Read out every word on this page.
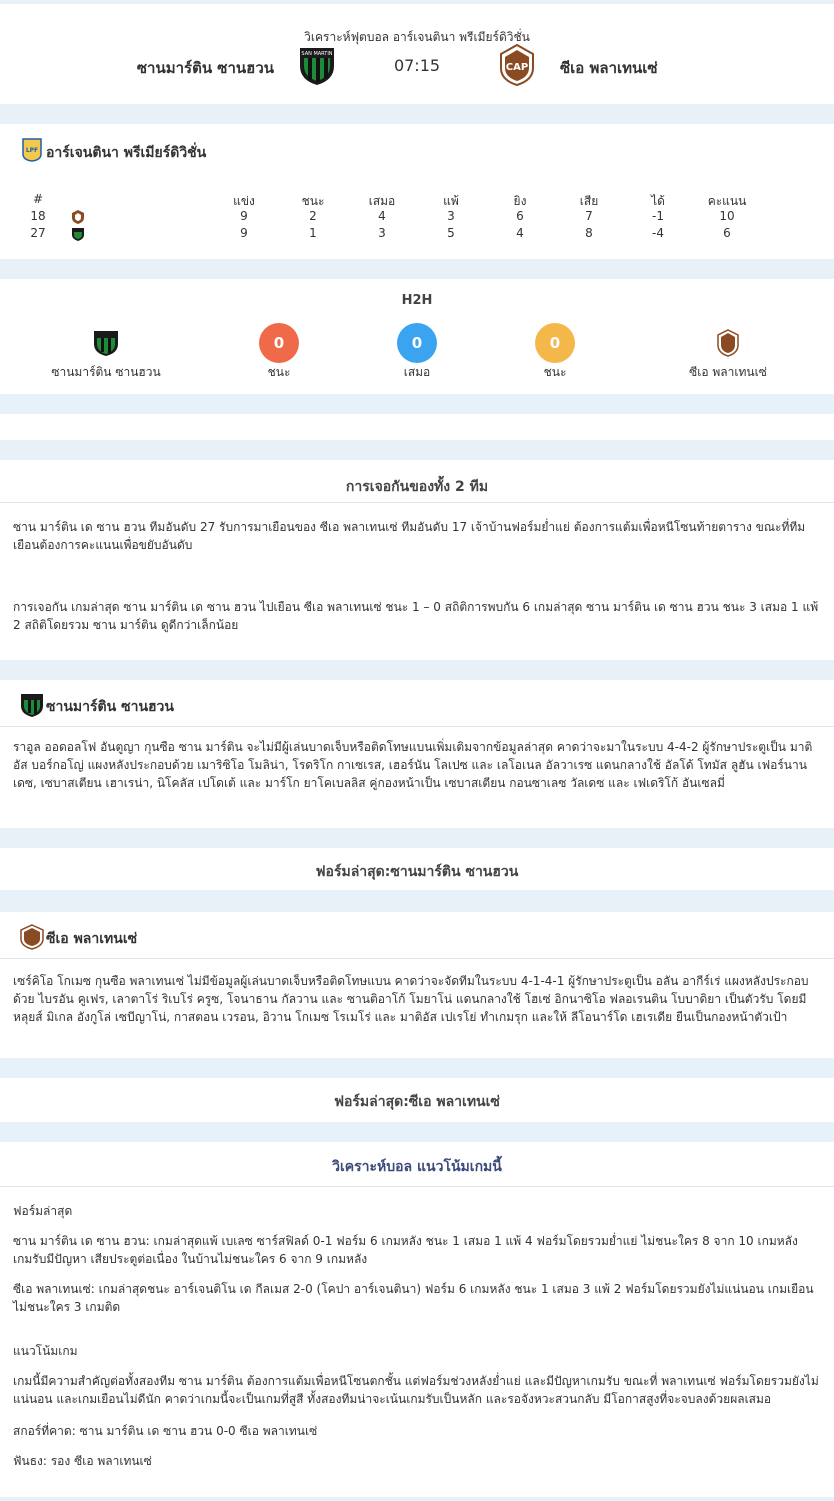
วิเคราะห์ฟุตบอล อาร์เจนตินา พรีเมียร์ดิวิชั่น
ซานมาร์ติน ซานฮวน
SAN MARTIN
07:15	CAP ซีเอ พลาเทนเซ่
LPF อาร์เจนตินา พรีเมียร์ดิวิชั่น
#	แข่ง	ชนะ	เสมอ	แพ้	ยิง	เสีย	ได้	คะแนน
18	9	2	4	3	6	7	-1	10
27	9	1	3	5	4	8	-4	6
H2H
ซานมาร์ติน ซานฮวน
0
ชนะ
0
เสมอ
0
ชนะ	ซีเอ พลาเทนเซ่
การเจอกันของทั้ง 2 ทีม
ซาน มาร์ติน เด ซาน ฮวน ทีมอันดับ 27 รับการมาเยือนของ ซีเอ พลาเทนเซ่ ทีมอันดับ 17 เจ้าบ้านฟอร์มย่ำแย่ ต้องการแต้มเพื่อหนีโซนท้ายตาราง ขณะที่ทีมเยือนต้องการคะแนนเพื่อขยับอันดับ
การเจอกัน เกมล่าสุด ซาน มาร์ติน เด ซาน ฮวน ไปเยือน ซีเอ พลาเทนเซ่ ชนะ 1 – 0 สถิติการพบกัน 6 เกมล่าสุด ซาน มาร์ติน เด ซาน ฮวน ชนะ 3 เสมอ 1 แพ้ 2 สถิติโดยรวม ซาน มาร์ติน ดูดีกว่าเล็กน้อย
ซานมาร์ติน ซานฮวน
ราอูล ออดอลโฟ อันตูญา กุนซือ ซาน มาร์ติน จะไม่มีผู้เล่นบาดเจ็บหรือติดโทษแบนเพิ่มเติมจากข้อมูลล่าสุด คาดว่าจะมาในระบบ 4-4-2 ผู้รักษาประตูเป็น มาติอัส บอร์กอโญ่ แผงหลังประกอบด้วย เมาริซิโอ โมลิน่า, โรดริโก กาเซเรส, เฮอร์นัน โลเปซ และ เลโอเนล อัลวาเรซ แดนกลางใช้ อัลโด้ โทมัส ลูฮัน เฟอร์นานเดซ, เซบาสเตียน เฮาเรน่า, นิโคลัส เปโดเต้ และ มาร์โก ยาโคเบลลิส คู่กองหน้าเป็น เซบาสเตียน กอนซาเลซ วัลเดซ และ เฟเดริโก้ อันเซลมี่
ฟอร์มล่าสุด:ซานมาร์ติน ซานฮวน
ซีเอ พลาเทนเซ่
เซร์คิโอ โกเมซ กุนซือ พลาเทนเซ่ ไม่มีข้อมูลผู้เล่นบาดเจ็บหรือติดโทษแบน คาดว่าจะจัดทีมในระบบ 4-1-4-1 ผู้รักษาประตูเป็น อลัน อากีร์เร่ แผงหลังประกอบด้วย ไบรอัน คูเฟร, เลาตาโร่ ริเบโร่ ครูซ, โจนาธาน กัลวาน และ ซานติอาโก้ โมยาโน่ แดนกลางใช้ โฮเซ่ อิกนาซิโอ ฟลอเรนติน โบบาดิยา เป็นตัวรับ โดยมี หลุยส์ มิเกล อังกูโล่ เซบีญาโน่, กาสตอน เวรอน, อิวาน โกเมซ โรเมโร่ และ มาติอัส เปเรโย่ ทำเกมรุก และให้ ลีโอนาร์โด เฮเรเดีย ยืนเป็นกองหน้าตัวเป้า
ฟอร์มล่าสุด:ซีเอ พลาเทนเซ่
วิเคราะห์บอล แนวโน้มเกมนี้
ฟอร์มล่าสุด
ซาน มาร์ติน เด ซาน ฮวน: เกมล่าสุดแพ้ เบเลซ ซาร์สฟิลด์ 0-1 ฟอร์ม 6 เกมหลัง ชนะ 1 เสมอ 1 แพ้ 4 ฟอร์มโดยรวมย่ำแย่ ไม่ชนะใคร 8 จาก 10 เกมหลัง เกมรับมีปัญหา เสียประตูต่อเนื่อง ในบ้านไม่ชนะใคร 6 จาก 9 เกมหลัง
ซีเอ พลาเทนเซ่: เกมล่าสุดชนะ อาร์เจนติโน เด กีลเมส 2-0 (โคปา อาร์เจนตินา) ฟอร์ม 6 เกมหลัง ชนะ 1 เสมอ 3 แพ้ 2 ฟอร์มโดยรวมยังไม่แน่นอน เกมเยือนไม่ชนะใคร 3 เกมติด
แนวโน้มเกม
เกมนี้มีความสำคัญต่อทั้งสองทีม ซาน มาร์ติน ต้องการแต้มเพื่อหนีโซนตกชั้น แต่ฟอร์มช่วงหลังย่ำแย่ และมีปัญหาเกมรับ ขณะที่ พลาเทนเซ่ ฟอร์มโดยรวมยังไม่แน่นอน และเกมเยือนไม่ดีนัก คาดว่าเกมนี้จะเป็นเกมที่สูสี ทั้งสองทีมน่าจะเน้นเกมรับเป็นหลัก และรอจังหวะสวนกลับ มีโอกาสสูงที่จะจบลงด้วยผลเสมอ
สกอร์ที่คาด: ซาน มาร์ติน เด ซาน ฮวน 0-0 ซีเอ พลาเทนเซ่
ฟันธง: รอง ซีเอ พลาเทนเซ่
